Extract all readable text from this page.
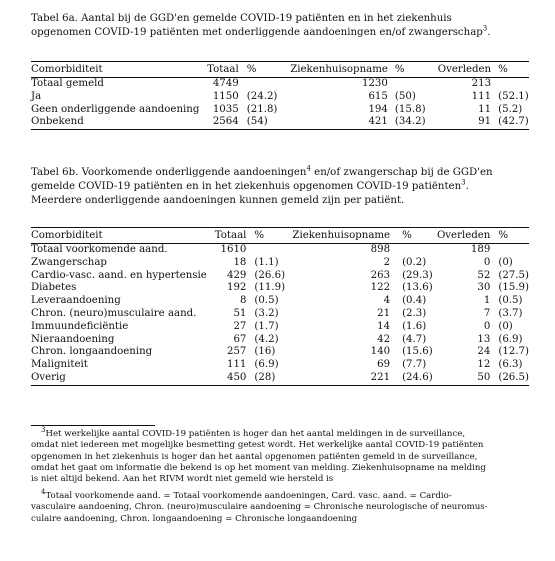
Tabel 6a. Aantal bij de GGD'en gemelde COVID-19 patiënten en in het ziekenhuis
opgenomen COVID-19 patiënten met onderliggende aandoeningen en/of zwangerschap$^3$.

Comorbiditeit	Totaal	%	Ziekenhuisopname	%	Overleden	%
Totaal gemeld	4749		1230		213	
Ja	1150	(24.2)	615	(50)	111	(52.1)
Geen onderliggende aandoening	1035	(21.8)	194	(15.8)	11	(5.2)
Onbekend	2564	(54)	421	(34.2)	91	(42.7)

Tabel 6b. Voorkomende onderliggende aandoeningen$^4$ en/of zwangerschap bij de GGD'en
gemelde COVID-19 patiënten en in het ziekenhuis opgenomen COVID-19 patiënten$^3$.
Meerdere onderliggende aandoeningen kunnen gemeld zijn per patiënt.

Comorbiditeit	Totaal	%	Ziekenhuisopname	%	Overleden	%
Totaal voorkomende aand.	1610		898		189	
Zwangerschap	18	(1.1)	2	(0.2)	0	(0)
Cardio-vasc. aand. en hypertensie	429	(26.6)	263	(29.3)	52	(27.5)
Diabetes	192	(11.9)	122	(13.6)	30	(15.9)
Leveraandoening	8	(0.5)	4	(0.4)	1	(0.5)
Chron. (neuro)musculaire aand.	51	(3.2)	21	(2.3)	7	(3.7)
Immuundeficiëntie	27	(1.7)	14	(1.6)	0	(0)
Nieraandoening	67	(4.2)	42	(4.7)	13	(6.9)
Chron. longaandoening	257	(16)	140	(15.6)	24	(12.7)
Maligniteit	111	(6.9)	69	(7.7)	12	(6.3)
Overig	450	(28)	221	(24.6)	50	(26.5)

$^3$Het werkelijke aantal COVID-19 patiënten is hoger dan het aantal meldingen in de surveillance,
omdat niet iedereen met mogelijke besmetting getest wordt. Het werkelijke aantal COVID-19 patiënten
opgenomen in het ziekenhuis is hoger dan het aantal opgenomen patiënten gemeld in de surveillance,
omdat het gaat om informatie die bekend is op het moment van melding. Ziekenhuisopname na melding
is niet altijd bekend. Aan het RIVM wordt niet gemeld wie hersteld is

$^4$Totaal voorkomende aand. = Totaal voorkomende aandoeningen, Card. vasc. aand. = Cardio-
vasculaire aandoening, Chron. (neuro)musculaire aandoening = Chronische neurologische of neuromus-
culaire aandoening, Chron. longaandoening = Chronische longaandoening
